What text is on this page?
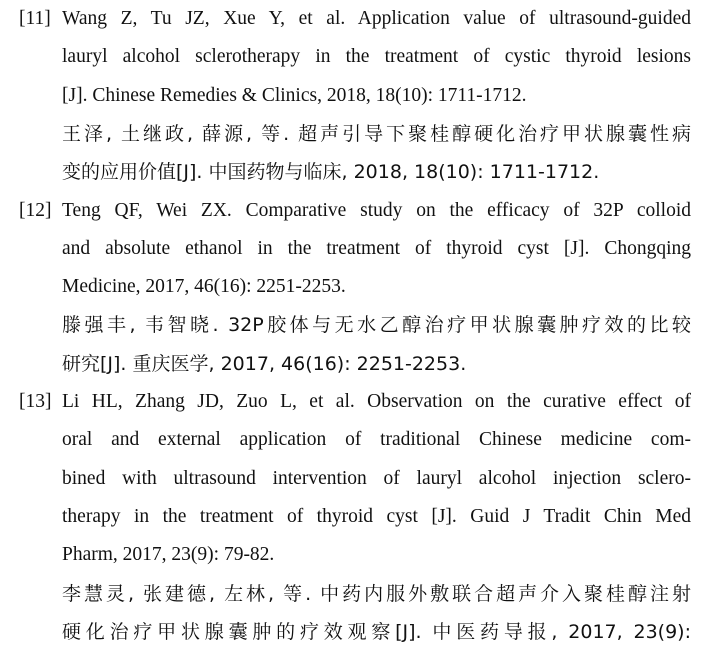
[11] Wang Z, Tu JZ, Xue Y, et al. Application value of ultrasound-guided
lauryl alcohol sclerotherapy in the treatment of cystic thyroid lesions
[J]. Chinese Remedies & Clinics, 2018, 18(10): 1711-1712.
王泽, 土继政, 薛源, 等. 超声引导下聚桂醇硬化治疗甲状腺囊性病
变的应用价值[J]. 中国药物与临床, 2018, 18(10): 1711-1712.
[12] Teng QF, Wei ZX. Comparative study on the efficacy of 32P colloid
and absolute ethanol in the treatment of thyroid cyst [J]. Chongqing
Medicine, 2017, 46(16): 2251-2253.
滕强丰, 韦智晓. 32P胶体与无水乙醇治疗甲状腺囊肿疗效的比较
研究[J]. 重庆医学, 2017, 46(16): 2251-2253.
[13] Li HL, Zhang JD, Zuo L, et al. Observation on the curative effect of
oral and external application of traditional Chinese medicine com-
bined with ultrasound intervention of lauryl alcohol injection sclero-
therapy in the treatment of thyroid cyst [J]. Guid J Tradit Chin Med
Pharm, 2017, 23(9): 79-82.
李慧灵, 张建德, 左林, 等. 中药内服外敷联合超声介入聚桂醇注射
硬化治疗甲状腺囊肿的疗效观察[J]. 中医药导报, 2017, 23(9):
